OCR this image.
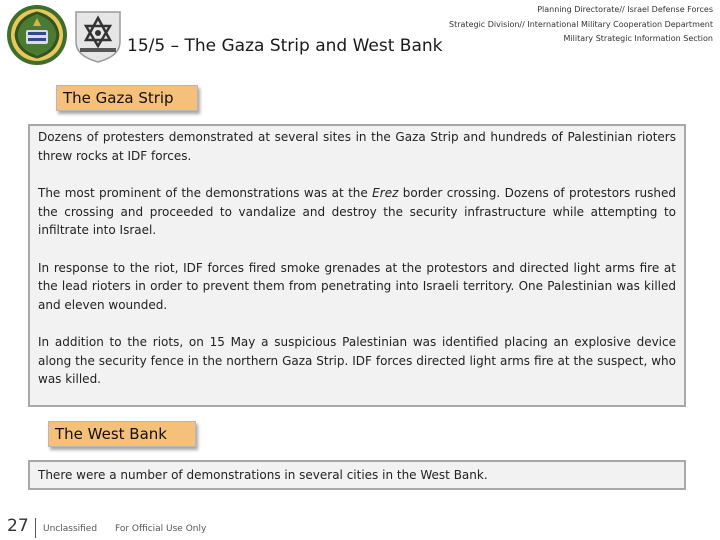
15/5 – The Gaza Strip and West Bank
Planning Directorate// Israel Defense Forces
Strategic Division// International Military Cooperation Department
Military Strategic Information Section
The Gaza Strip

Dozens of protesters demonstrated at several sites in the Gaza Strip and hundreds of Palestinian rioters threw rocks at IDF forces.

The most prominent of the demonstrations was at the Erez border crossing. Dozens of protestors rushed the crossing and proceeded to vandalize and destroy the security infrastructure while attempting to infiltrate into Israel.

In response to the riot, IDF forces fired smoke grenades at the protestors and directed light arms fire at the lead rioters in order to prevent them from penetrating into Israeli territory. One Palestinian was killed and eleven wounded.

In addition to the riots, on 15 May a suspicious Palestinian was identified placing an explosive device along the security fence in the northern Gaza Strip. IDF forces directed light arms fire at the suspect, who was killed.

The West Bank

There were a number of demonstrations in several cities in the West Bank.

27 Unclassified For Official Use Only
